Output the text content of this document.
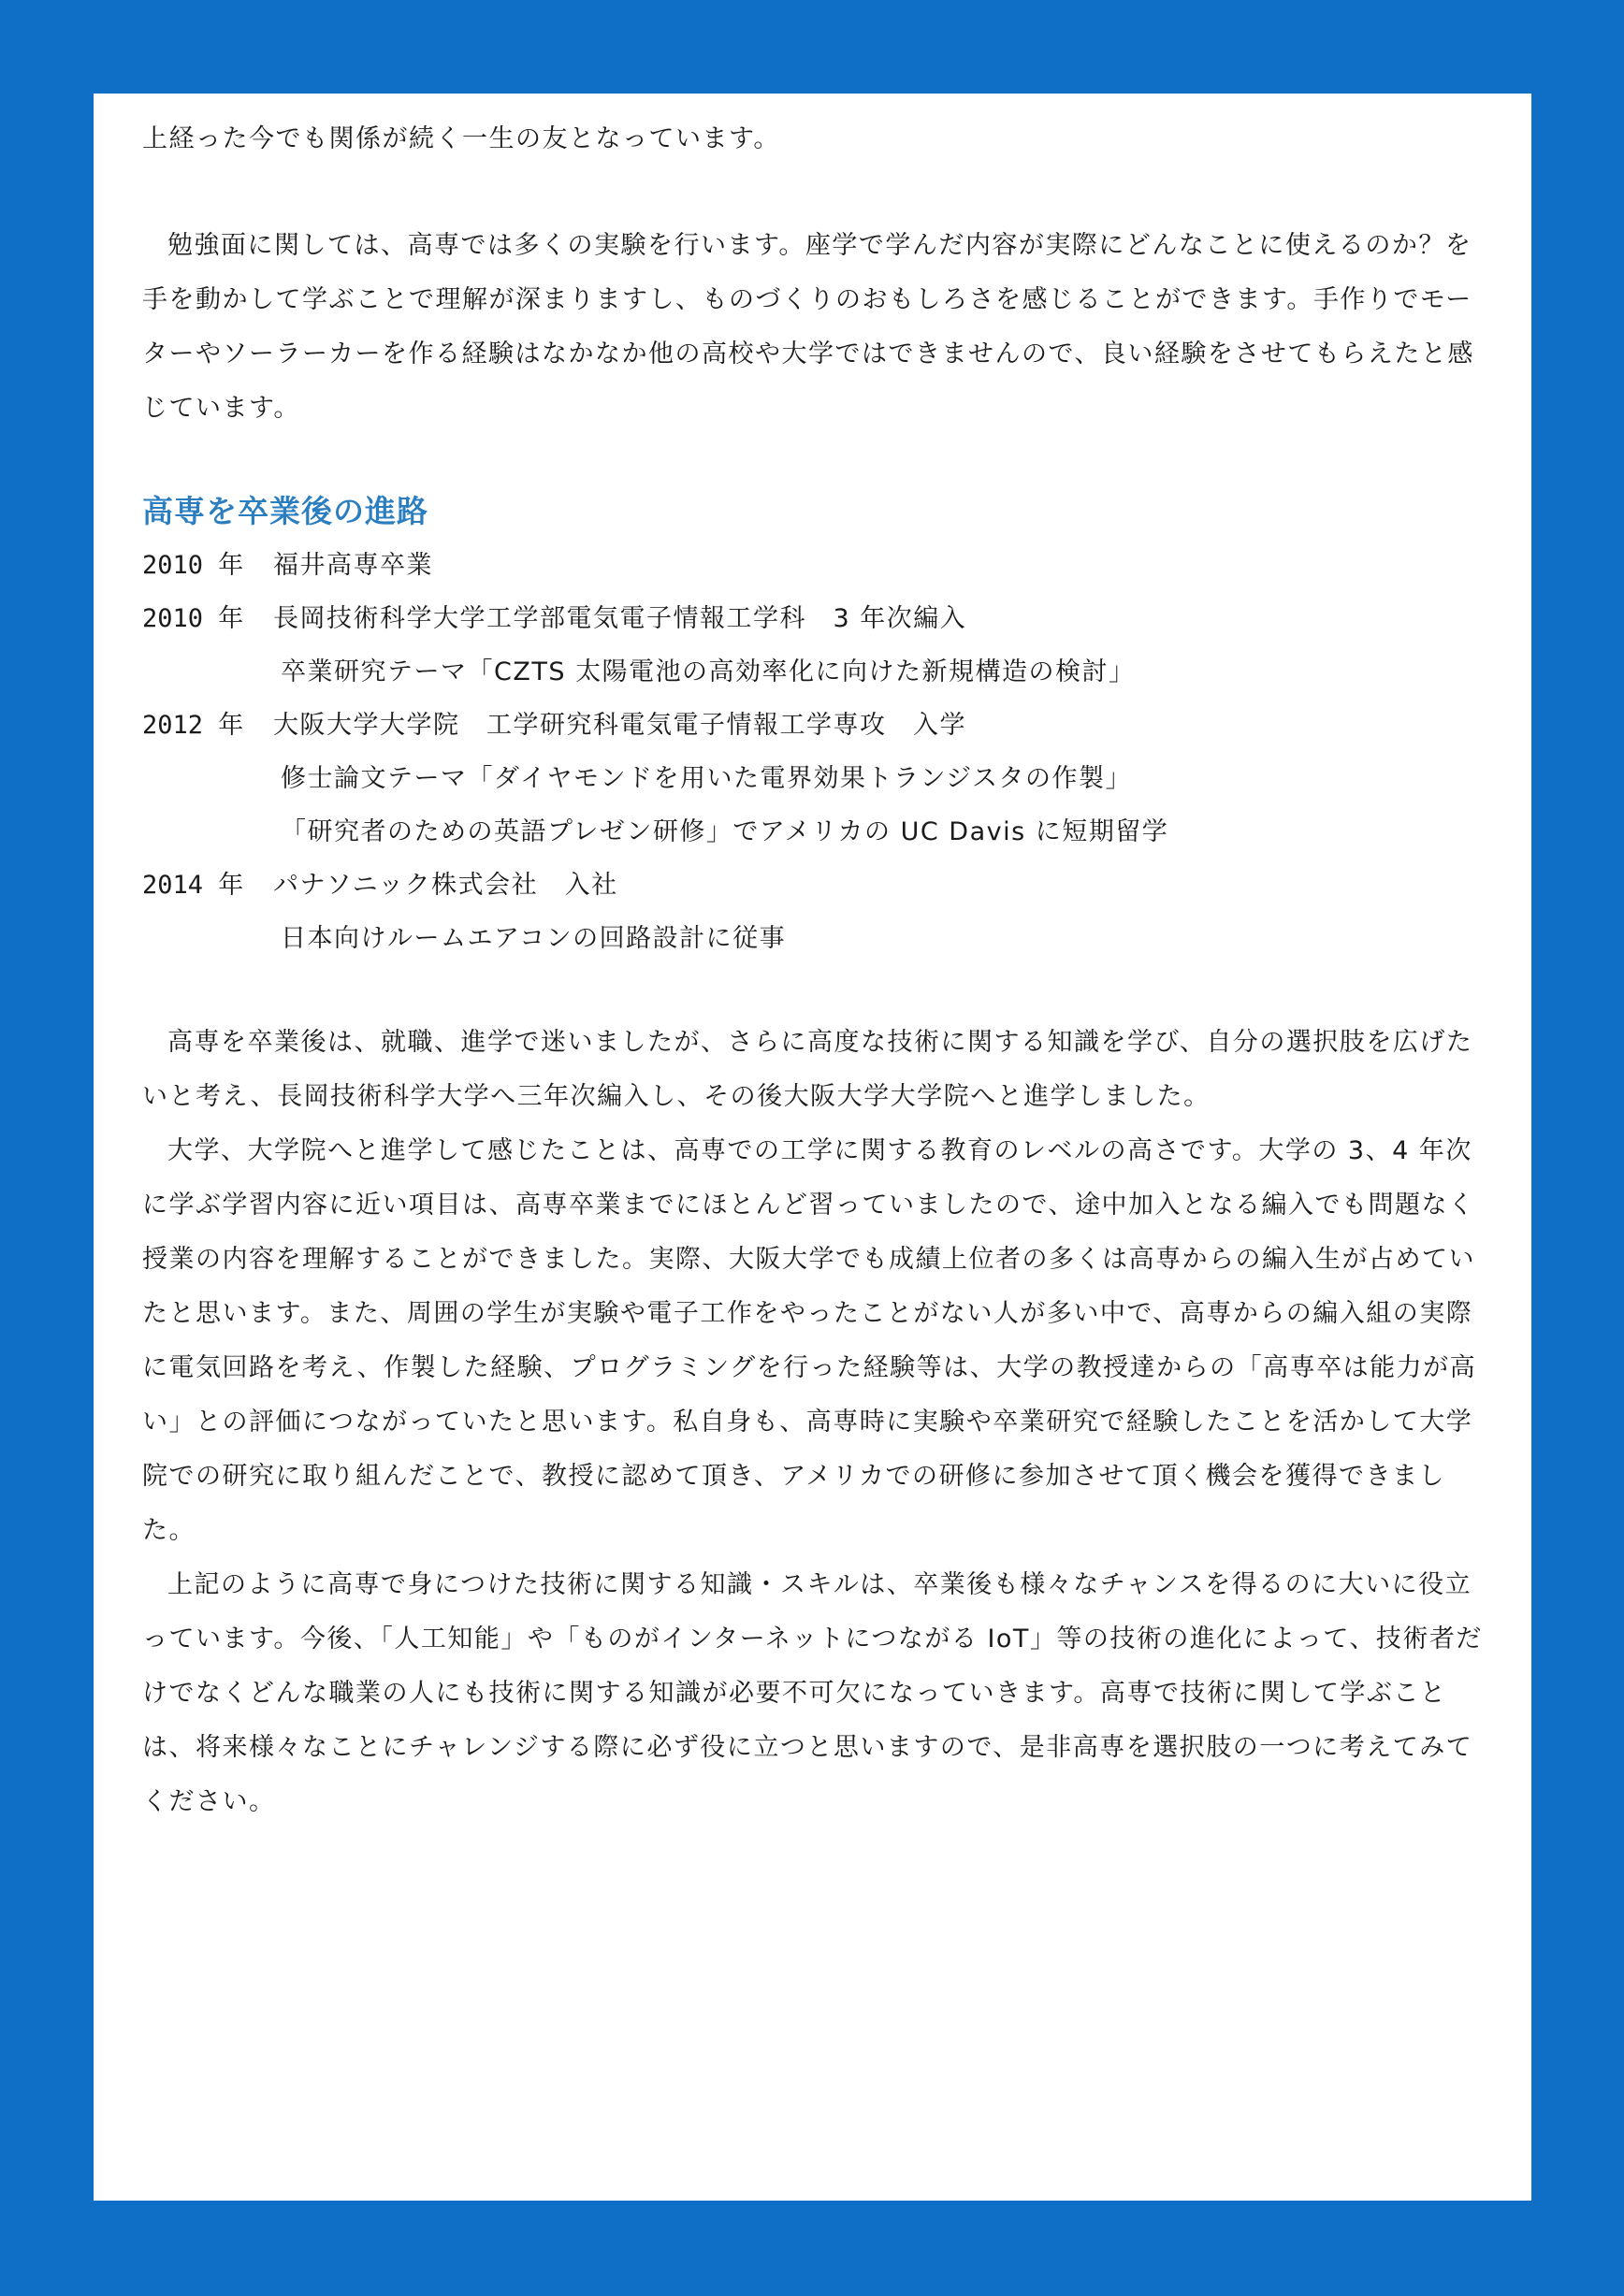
上経った今でも関係が続く一生の友となっています。

勉強面に関しては、高専では多くの実験を行います。座学で学んだ内容が実際にどんなことに使えるのか？を手を動かして学ぶことで理解が深まりますし、ものづくりのおもしろさを感じることができます。手作りでモーターやソーラーカーを作る経験はなかなか他の高校や大学ではできませんので、良い経験をさせてもらえたと感じています。

高専を卒業後の進路
2010 年	福井高専卒業
2010 年	長岡技術科学大学工学部電気電子情報工学科　3 年次編入
卒業研究テーマ「CZTS 太陽電池の高効率化に向けた新規構造の検討」
2012 年	大阪大学大学院　工学研究科電気電子情報工学専攻　入学
修士論文テーマ「ダイヤモンドを用いた電界効果トランジスタの作製」
「研究者のための英語プレゼン研修」でアメリカの UC Davis に短期留学
2014 年	パナソニック株式会社　入社
日本向けルームエアコンの回路設計に従事

高専を卒業後は、就職、進学で迷いましたが、さらに高度な技術に関する知識を学び、自分の選択肢を広げたいと考え、長岡技術科学大学へ三年次編入し、その後大阪大学大学院へと進学しました。

大学、大学院へと進学して感じたことは、高専での工学に関する教育のレベルの高さです。大学の 3、4 年次に学ぶ学習内容に近い項目は、高専卒業までにほとんど習っていましたので、途中加入となる編入でも問題なく授業の内容を理解することができました。実際、大阪大学でも成績上位者の多くは高専からの編入生が占めていたと思います。また、周囲の学生が実験や電子工作をやったことがない人が多い中で、高専からの編入組の実際に電気回路を考え、作製した経験、プログラミングを行った経験等は、大学の教授達からの「高専卒は能力が高い」との評価につながっていたと思います。私自身も、高専時に実験や卒業研究で経験したことを活かして大学院での研究に取り組んだことで、教授に認めて頂き、アメリカでの研修に参加させて頂く機会を獲得できました。

上記のように高専で身につけた技術に関する知識・スキルは、卒業後も様々なチャンスを得るのに大いに役立っています。今後、「人工知能」や「ものがインターネットにつながる IoT」等の技術の進化によって、技術者だけでなくどんな職業の人にも技術に関する知識が必要不可欠になっていきます。高専で技術に関して学ぶことは、将来様々なことにチャレンジする際に必ず役に立つと思いますので、是非高専を選択肢の一つに考えてみてください。
